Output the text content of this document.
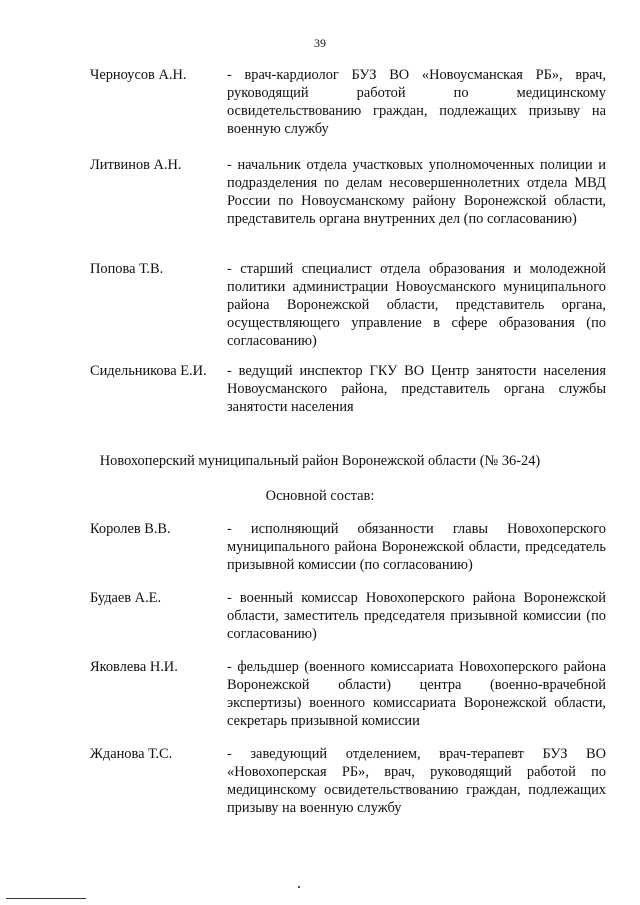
39
Черноусов А.Н.	- врач-кардиолог БУЗ ВО «Новоусманская РБ», врач, руководящий работой по медицинскому освидетельствованию граждан, подлежащих призыву на военную службу
Литвинов А.Н.	- начальник отдела участковых уполномоченных полиции и подразделения по делам несовершеннолетних отдела МВД России по Новоусманскому району Воронежской области, представитель органа внутренних дел (по согласованию)
Попова Т.В.	- старший специалист отдела образования и молодежной политики администрации Новоусманского муниципального района Воронежской области, представитель органа, осуществляющего управление в сфере образования (по согласованию)
Сидельникова Е.И.	- ведущий инспектор ГКУ ВО Центр занятости населения Новоусманского района, представитель органа службы занятости населения
Новохоперский муниципальный район Воронежской области (№ 36-24)
Основной состав:
Королев В.В.	- исполняющий обязанности главы Новохоперского муниципального района Воронежской области, председатель призывной комиссии (по согласованию)
Будаев А.Е.	- военный комиссар Новохоперского района Воронежской области, заместитель председателя призывной комиссии (по согласованию)
Яковлева Н.И.	- фельдшер (военного комиссариата Новохоперского района Воронежской области) центра (военно-врачебной экспертизы) военного комиссариата Воронежской области, секретарь призывной комиссии
Жданова Т.С.	- заведующий отделением, врач-терапевт БУЗ ВО «Новохоперская РБ», врач, руководящий работой по медицинскому освидетельствованию граждан, подлежащих призыву на военную службу
